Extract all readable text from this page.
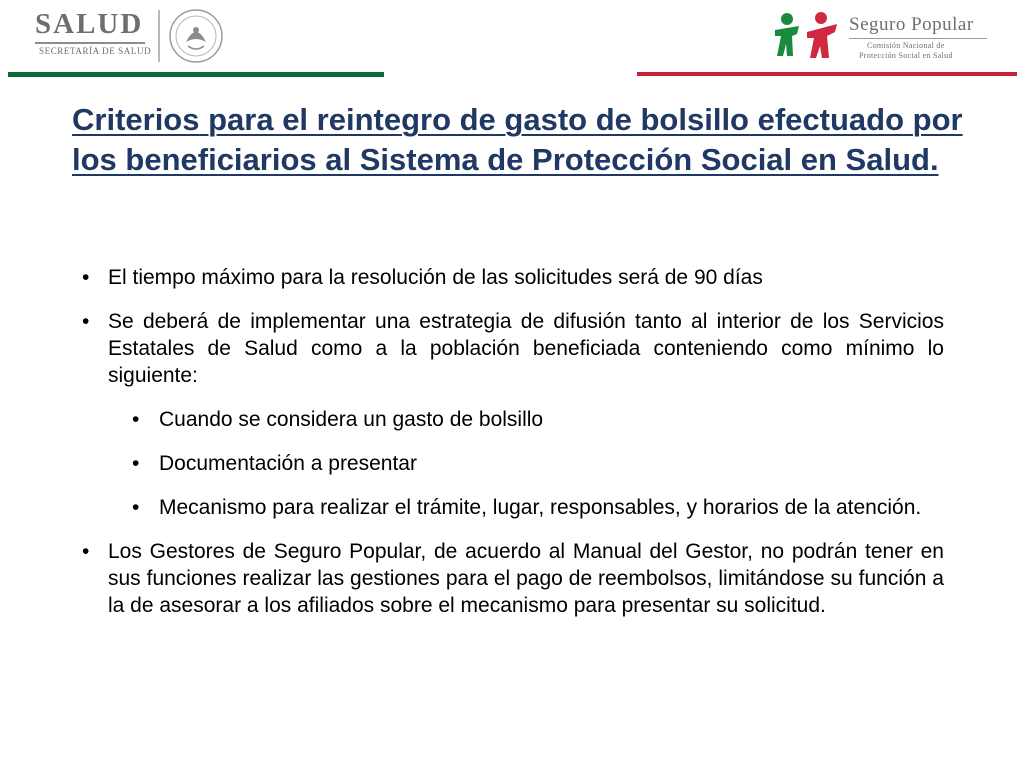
SALUD
SECRETARÍA DE SALUD
Seguro Popular
Comisión Nacional de
Protección Social en Salud
Criterios para el reintegro de gasto de bolsillo efectuado por los beneficiarios al Sistema de Protección Social en Salud.
• El tiempo máximo para la resolución de las solicitudes será de 90 días
• Se deberá de implementar una estrategia de difusión tanto al interior de los Servicios Estatales de Salud como a la población beneficiada conteniendo como mínimo lo siguiente:
• Cuando se considera un gasto de bolsillo
• Documentación a presentar
• Mecanismo para realizar el trámite, lugar, responsables, y horarios de la atención.
• Los Gestores de Seguro Popular, de acuerdo al Manual del Gestor, no podrán tener en sus funciones realizar las gestiones para el pago de reembolsos, limitándose su función a la de asesorar a los afiliados sobre el mecanismo para presentar su solicitud.
